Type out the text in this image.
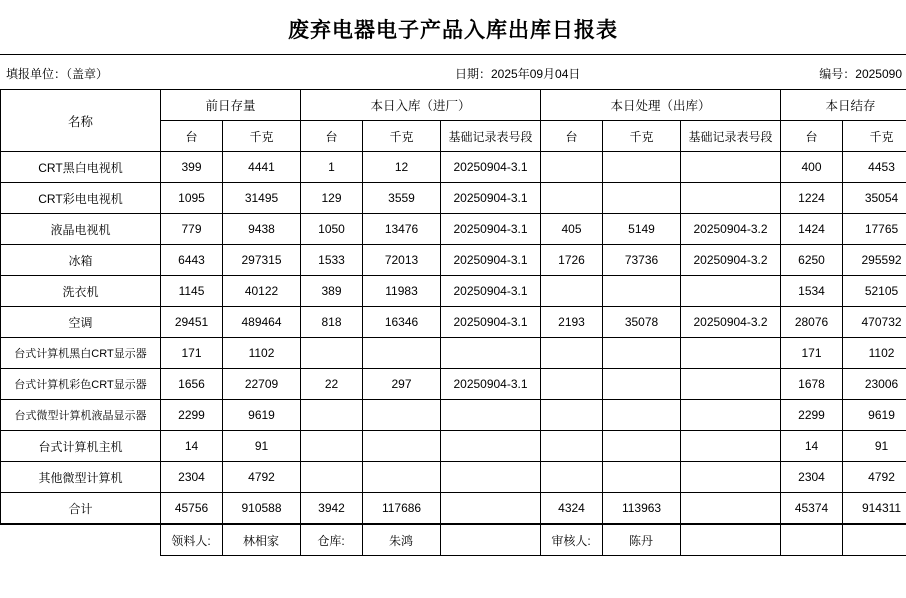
废弃电器电子产品入库出库日报表
填报单位：（盖章）	日期：2025年09月04日	编号：2025090
名称	前日存量		本日入库（进厂）			本日处理（出库）			本日结存	
	台	千克	台	千克	基础记录表号段	台	千克	基础记录表号段	台	千克
CRT黑白电视机	399	4441	1	12	20250904-3.1				400	4453
CRT彩电电视机	1095	31495	129	3559	20250904-3.1				1224	35054
液晶电视机	779	9438	1050	13476	20250904-3.1	405	5149	20250904-3.2	1424	17765
冰箱	6443	297315	1533	72013	20250904-3.1	1726	73736	20250904-3.2	6250	295592
洗衣机	1145	40122	389	11983	20250904-3.1				1534	52105
空调	29451	489464	818	16346	20250904-3.1	2193	35078	20250904-3.2	28076	470732
台式计算机黑白CRT显示器	171	1102							171	1102
台式计算机彩色CRT显示器	1656	22709	22	297	20250904-3.1				1678	23006
台式微型计算机液晶显示器	2299	9619							2299	9619
台式计算机主机	14	91							14	91
其他微型计算机	2304	4792							2304	4792
合计	45756	910588	3942	117686		4324	113963		45374	914311
	领料人:	林相家	仓库:	朱鸿		审核人:	陈丹			
